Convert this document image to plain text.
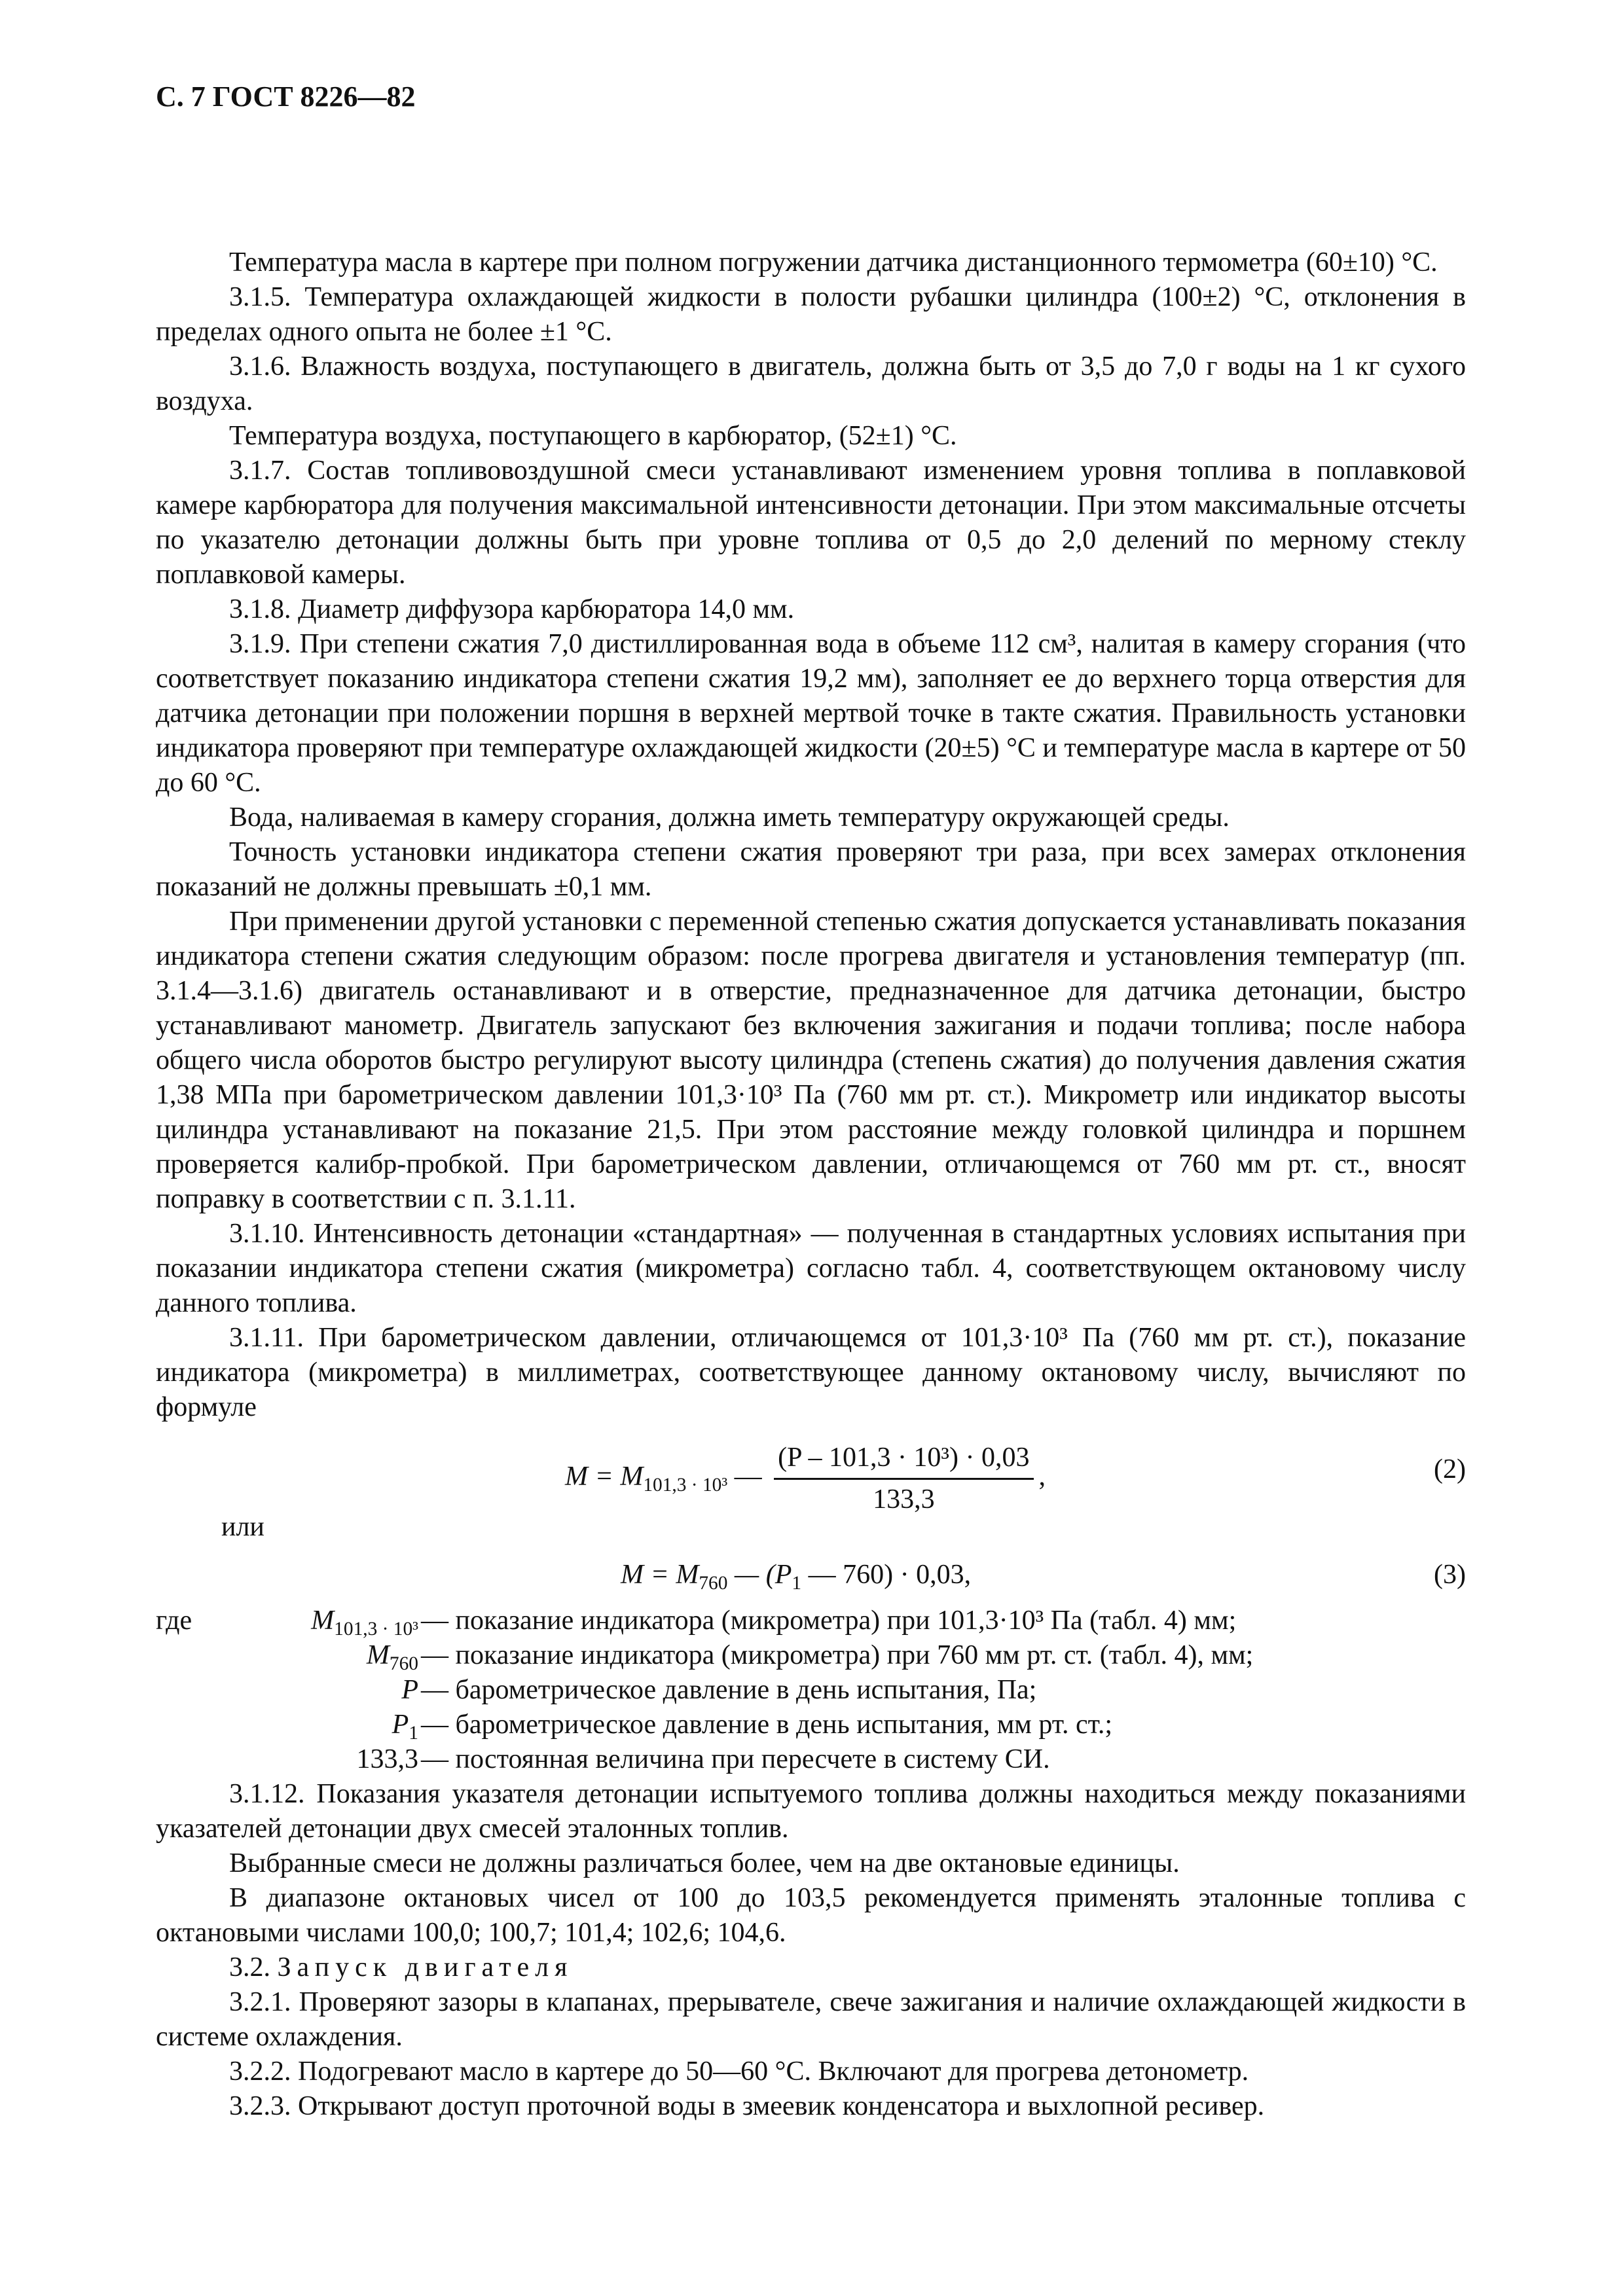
С. 7 ГОСТ 8226—82

Температура масла в картере при полном погружении датчика дистанционного термометра (60±10) °С.

3.1.5. Температура охлаждающей жидкости в полости рубашки цилиндра (100±2) °С, отклонения в пределах одного опыта не более ±1 °С.

3.1.6. Влажность воздуха, поступающего в двигатель, должна быть от 3,5 до 7,0 г воды на 1 кг сухого воздуха.

Температура воздуха, поступающего в карбюратор, (52±1) °С.

3.1.7. Состав топливовоздушной смеси устанавливают изменением уровня топлива в поплавковой камере карбюратора для получения максимальной интенсивности детонации. При этом максимальные отсчеты по указателю детонации должны быть при уровне топлива от 0,5 до 2,0 делений по мерному стеклу поплавковой камеры.

3.1.8. Диаметр диффузора карбюратора 14,0 мм.

3.1.9. При степени сжатия 7,0 дистиллированная вода в объеме 112 см³, налитая в камеру сгорания (что соответствует показанию индикатора степени сжатия 19,2 мм), заполняет ее до верхнего торца отверстия для датчика детонации при положении поршня в верхней мертвой точке в такте сжатия. Правильность установки индикатора проверяют при температуре охлаждающей жидкости (20±5) °С и температуре масла в картере от 50 до 60 °С.

Вода, наливаемая в камеру сгорания, должна иметь температуру окружающей среды.

Точность установки индикатора степени сжатия проверяют три раза, при всех замерах отклонения показаний не должны превышать ±0,1 мм.

При применении другой установки с переменной степенью сжатия допускается устанавливать показания индикатора степени сжатия следующим образом: после прогрева двигателя и установления температур (пп. 3.1.4—3.1.6) двигатель останавливают и в отверстие, предназначенное для датчика детонации, быстро устанавливают манометр. Двигатель запускают без включения зажигания и подачи топлива; после набора общего числа оборотов быстро регулируют высоту цилиндра (степень сжатия) до получения давления сжатия 1,38 МПа при барометрическом давлении 101,3·10³ Па (760 мм рт. ст.). Микрометр или индикатор высоты цилиндра устанавливают на показание 21,5. При этом расстояние между головкой цилиндра и поршнем проверяется калибр-пробкой. При барометрическом давлении, отличающемся от 760 мм рт. ст., вносят поправку в соответствии с п. 3.1.11.

3.1.10. Интенсивность детонации «стандартная» — полученная в стандартных условиях испытания при показании индикатора степени сжатия (микрометра) согласно табл. 4, соответствующем октановому числу данного топлива.

3.1.11. При барометрическом давлении, отличающемся от 101,3·10³ Па (760 мм рт. ст.), показание индикатора (микрометра) в миллиметрах, соответствующее данному октановому числу, вычисляют по формуле

$M = M_{101,3 \cdot 10^3}$ — $\frac{\text{(P – 101,3 · 10³) · 0,03}}{133,3}$ ,	(2)

или

$M = M_{760}$ — ($P_1$ — 760) · 0,03,	(3)
где	$M_{101,3 \cdot 10^3}$ — показание индикатора (микрометра) при 101,3·10³ Па (табл. 4) мм;
$M_{760}$ — показание индикатора (микрометра) при 760 мм рт. ст. (табл. 4), мм;
P — барометрическое давление в день испытания, Па;
$P_1$ — барометрическое давление в день испытания, мм рт. ст.;
133,3 — постоянная величина при пересчете в систему СИ.

3.1.12. Показания указателя детонации испытуемого топлива должны находиться между показаниями указателей детонации двух смесей эталонных топлив.

Выбранные смеси не должны различаться более, чем на две октановые единицы.

В диапазоне октановых чисел от 100 до 103,5 рекомендуется применять эталонные топлива с октановыми числами 100,0; 100,7; 101,4; 102,6; 104,6.

3.2. Запуск двигателя

3.2.1. Проверяют зазоры в клапанах, прерывателе, свече зажигания и наличие охлаждающей жидкости в системе охлаждения.

3.2.2. Подогревают масло в картере до 50—60 °С. Включают для прогрева детонометр.

3.2.3. Открывают доступ проточной воды в змеевик конденсатора и выхлопной ресивер.
